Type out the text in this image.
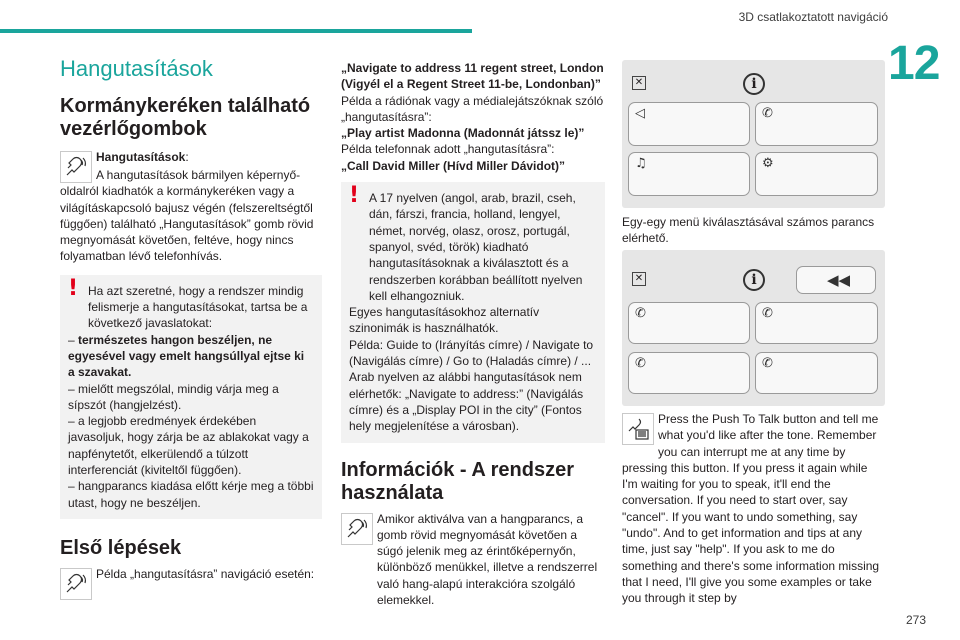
3D csatlakoztatott navigáció
12
273
Hangutasítások
Kormánykeréken található vezérlőgombok

Hangutasítások:

A hangutasítások bármilyen képernyő-oldalról kiadhatók a kormánykeréken vagy a világításkapcsoló bajusz végén (felszereltségtől függően) található „Hangutasítások” gomb rövid megnyomását követően, feltéve, hogy nincs folyamatban lévő telefonhívás.

! Ha azt szeretné, hogy a rendszer mindig felismerje a hangutasításokat, tartsa be a következő javaslatokat:

– természetes hangon beszéljen, ne egyesével vagy emelt hangsúllyal ejtse ki a szavakat.

– mielőtt megszólal, mindig várja meg a sípszót (hangjelzést).

– a legjobb eredmények érdekében javasoljuk, hogy zárja be az ablakokat vagy a napfénytetőt, elkerülendő a túlzott interferenciát (kiviteltől függően).

– hangparancs kiadása előtt kérje meg a többi utast, hogy ne beszéljen.

Első lépések

Példa „hangutasításra” navigáció esetén:

„Navigate to address 11 regent street, London (Vigyél el a Regent Street 11-be, Londonban)”

Példa a rádiónak vagy a médialejátszóknak szóló „hangutasításra”:

„Play artist Madonna (Madonnát játssz le)”

Példa telefonnak adott „hangutasításra”:

„Call David Miller (Hívd Miller Dávidot)”

! A 17 nyelven (angol, arab, brazil, cseh, dán, fárszi, francia, holland, lengyel, német, norvég, olasz, orosz, portugál, spanyol, svéd, török) kiadható hangutasításoknak a kiválasztott és a rendszerben korábban beállított nyelven kell elhangozniuk.

Egyes hangutasításokhoz alternatív szinonimák is használhatók.

Példa: Guide to (Irányítás címre) / Navigate to (Navigálás címre) / Go to (Haladás címre) / ...

Arab nyelven az alábbi hangutasítások nem elérhetők: „Navigate to address:” (Navigálás címre) és a „Display POI in the city” (Fontos hely megjelenítése a városban).

Információk - A rendszer használata

Amikor aktiválva van a hangparancs, a gomb rövid megnyomását követően a súgó jelenik meg az érintőképernyőn, különböző menükkel, illetve a rendszerrel való hang-alapú interakcióra szolgáló elemekkel.

✕	i
◁	✆
♫	⚙

Egy-egy menü kiválasztásával számos parancs elérhető.

✕	i	◀◀
✆	✆
✆	✆

Press the Push To Talk button and tell me what you'd like after the tone. Remember you can interrupt me at any time by pressing this button. If you press it again while I'm waiting for you to speak, it'll end the conversation. If you need to start over, say "cancel". If you want to undo something, say "undo". And to get information and tips at any time, just say "help". If you ask to me do something and there's some information missing that I need, I'll give you some examples or take you through it step by
